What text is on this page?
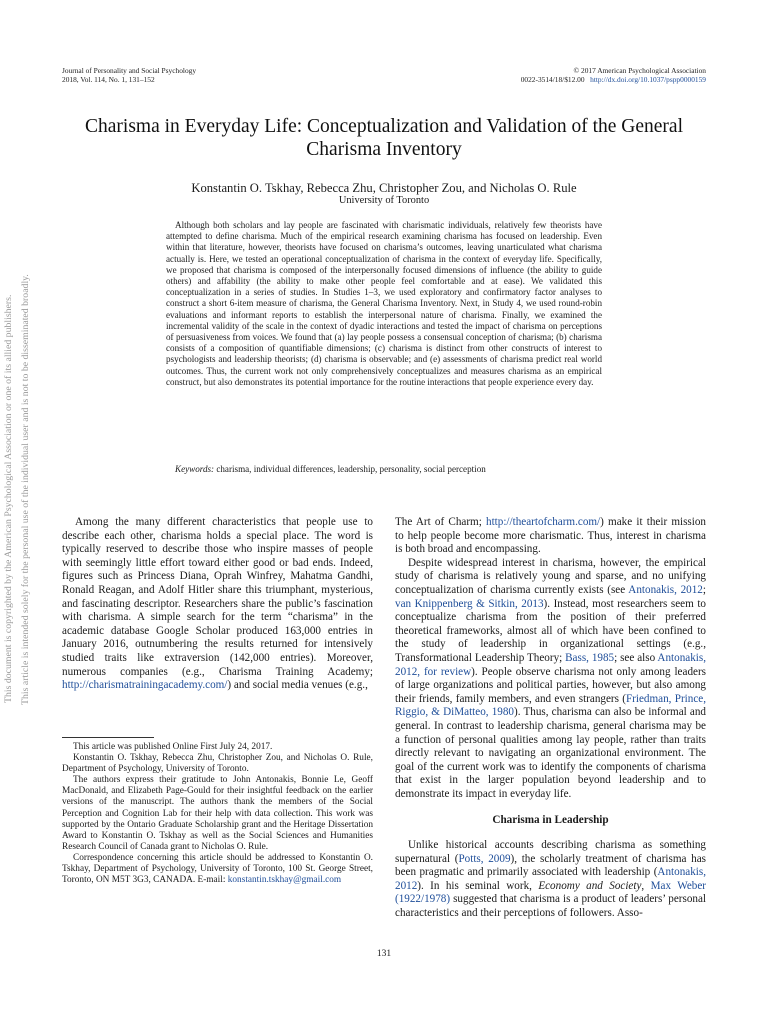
Journal of Personality and Social Psychology
2018, Vol. 114, No. 1, 131–152
© 2017 American Psychological Association
0022-3514/18/$12.00 http://dx.doi.org/10.1037/pspp0000159
Charisma in Everyday Life: Conceptualization and Validation of the General Charisma Inventory
Konstantin O. Tskhay, Rebecca Zhu, Christopher Zou, and Nicholas O. Rule
University of Toronto

Although both scholars and lay people are fascinated with charismatic individuals, relatively few theorists have attempted to define charisma. Much of the empirical research examining charisma has focused on leadership. Even within that literature, however, theorists have focused on charisma’s outcomes, leaving unarticulated what charisma actually is. Here, we tested an operational conceptualization of charisma in the context of everyday life. Specifically, we proposed that charisma is composed of the interpersonally focused dimensions of influence (the ability to guide others) and affability (the ability to make other people feel comfortable and at ease). We validated this conceptualization in a series of studies. In Studies 1–3, we used exploratory and confirmatory factor analyses to construct a short 6-item measure of charisma, the General Charisma Inventory. Next, in Study 4, we used round-robin evaluations and informant reports to establish the interpersonal nature of charisma. Finally, we examined the incremental validity of the scale in the context of dyadic interactions and tested the impact of charisma on perceptions of persuasiveness from voices. We found that (a) lay people possess a consensual conception of charisma; (b) charisma consists of a composition of quantifiable dimensions; (c) charisma is distinct from other constructs of interest to psychologists and leadership theorists; (d) charisma is observable; and (e) assessments of charisma predict real world outcomes. Thus, the current work not only comprehensively conceptualizes and measures charisma as an empirical construct, but also demonstrates its potential importance for the routine interactions that people experience every day.

Keywords: charisma, individual differences, leadership, personality, social perception
This document is copyrighted by the American Psychological Association or one of its allied publishers. This article is intended solely for the personal use of the individual user and is not to be disseminated broadly.	Among the many different characteristics that people use to describe each other, charisma holds a special place. The word is typically reserved to describe those who inspire masses of people with seemingly little effort toward either good or bad ends. Indeed, figures such as Princess Diana, Oprah Winfrey, Mahatma Gandhi, Ronald Reagan, and Adolf Hitler share this triumphant, mysterious, and fascinating descriptor. Researchers share the public’s fascination with charisma. A simple search for the term “charisma” in the academic database Google Scholar produced 163,000 entries in January 2016, outnumbering the results returned for intensively studied traits like extraversion (142,000 entries). Moreover, numerous companies (e.g., Charisma Training Academy; http://charismatrainingacademy.com/) and social media venues (e.g.,

This article was published Online First July 24, 2017.

Konstantin O. Tskhay, Rebecca Zhu, Christopher Zou, and Nicholas O. Rule, Department of Psychology, University of Toronto.

The authors express their gratitude to John Antonakis, Bonnie Le, Geoff MacDonald, and Elizabeth Page-Gould for their insightful feedback on the earlier versions of the manuscript. The authors thank the members of the Social Perception and Cognition Lab for their help with data collection. This work was supported by the Ontario Graduate Scholarship grant and the Heritage Dissertation Award to Konstantin O. Tskhay as well as the Social Sciences and Humanities Research Council of Canada grant to Nicholas O. Rule.

Correspondence concerning this article should be addressed to Konstantin O. Tskhay, Department of Psychology, University of Toronto, 100 St. George Street, Toronto, ON M5T 3G3, CANADA. E-mail: konstantin.tskhay@gmail.com

The Art of Charm; http://theartofcharm.com/) make it their mission to help people become more charismatic. Thus, interest in charisma is both broad and encompassing.

Despite widespread interest in charisma, however, the empirical study of charisma is relatively young and sparse, and no unifying conceptualization of charisma currently exists (see Antonakis, 2012; van Knippenberg & Sitkin, 2013). Instead, most researchers seem to conceptualize charisma from the position of their preferred theoretical frameworks, almost all of which have been confined to the study of leadership in organizational settings (e.g., Transformational Leadership Theory; Bass, 1985; see also Antonakis, 2012, for review). People observe charisma not only among leaders of large organizations and political parties, however, but also among their friends, family members, and even strangers (Friedman, Prince, Riggio, & DiMatteo, 1980). Thus, charisma can also be informal and general. In contrast to leadership charisma, general charisma may be a function of personal qualities among lay people, rather than traits directly relevant to navigating an organizational environment. The goal of the current work was to identify the components of charisma that exist in the larger population beyond leadership and to demonstrate its impact in everyday life.

Charisma in Leadership

Unlike historical accounts describing charisma as something supernatural (Potts, 2009), the scholarly treatment of charisma has been pragmatic and primarily associated with leadership (Antonakis, 2012). In his seminal work, Economy and Society, Max Weber (1922/1978) suggested that charisma is a product of leaders’ personal characteristics and their perceptions of followers. Asso-

131
